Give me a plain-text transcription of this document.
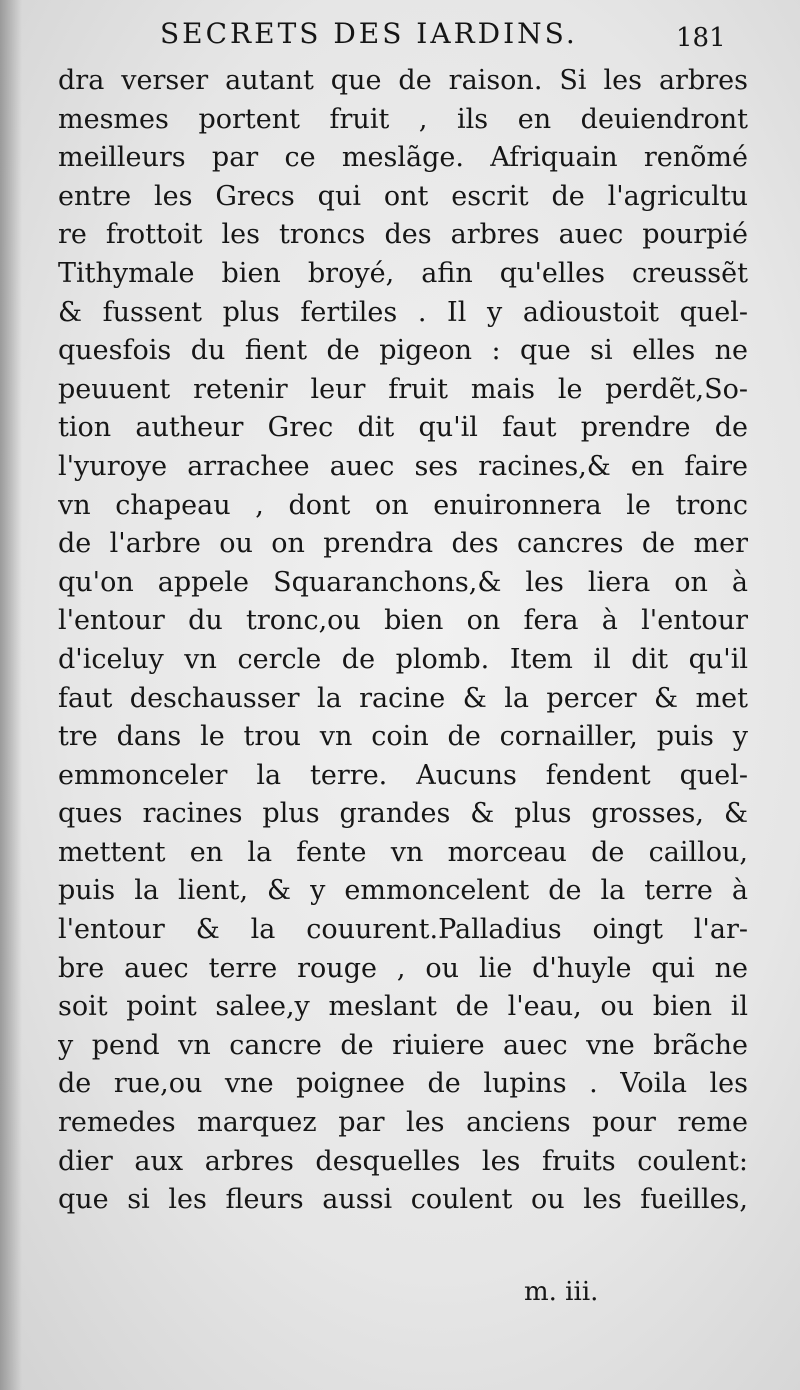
SECRETS DES IARDINS.	181
dra verser autant que de raison. Si les arbres
mesmes portent fruit , ils en deuiendront
meilleurs par ce meslãge. Afriquain renõmé
entre les Grecs qui ont escrit de l'agricultu
re frottoit les troncs des arbres auec pourpié
Tithymale bien broyé, afin qu'elles creussẽt
& fussent plus fertiles . Il y adioustoit quel-
quesfois du fient de pigeon : que si elles ne
peuuent retenir leur fruit mais le perdẽt,So-
tion autheur Grec dit qu'il faut prendre de
l'yuroye arrachee auec ses racines,& en faire
vn chapeau , dont on enuironnera le tronc
de l'arbre ou on prendra des cancres de mer
qu'on appele Squaranchons,& les liera on à
l'entour du tronc,ou bien on fera à l'entour
d'iceluy vn cercle de plomb. Item il dit qu'il
faut deschausser la racine & la percer & met
tre dans le trou vn coin de cornailler, puis y
emmonceler la terre. Aucuns fendent quel-
ques racines plus grandes & plus grosses, &
mettent en la fente vn morceau de caillou,
puis la lient, & y emmoncelent de la terre à
l'entour & la couurent.Palladius oingt l'ar-
bre auec terre rouge , ou lie d'huyle qui ne
soit point salee,y meslant de l'eau, ou bien il
y pend vn cancre de riuiere auec vne brãche
de rue,ou vne poignee de lupins . Voila les
remedes marquez par les anciens pour reme
dier aux arbres desquelles les fruits coulent:
que si les fleurs aussi coulent ou les fueilles,
m. iii.
